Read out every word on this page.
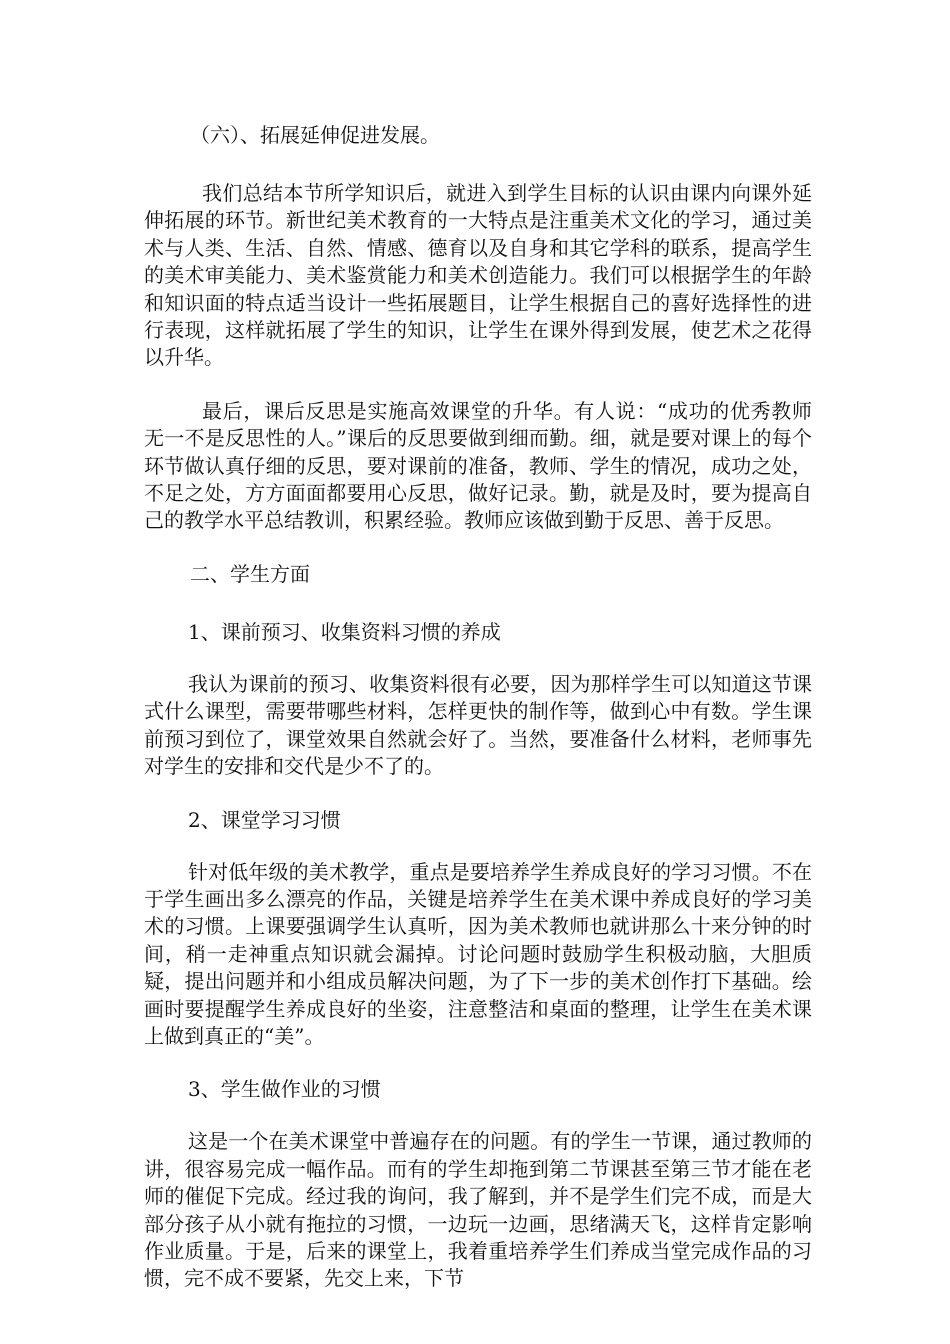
（六）、拓展延伸促进发展。

我们总结本节所学知识后，就进入到学生目标的认识由课内向课外延伸拓展的环节。新世纪美术教育的一大特点是注重美术文化的学习，通过美术与人类、生活、自然、情感、德育以及自身和其它学科的联系，提高学生的美术审美能力、美术鉴赏能力和美术创造能力。我们可以根据学生的年龄和知识面的特点适当设计一些拓展题目，让学生根据自己的喜好选择性的进行表现，这样就拓展了学生的知识，让学生在课外得到发展，使艺术之花得以升华。

最后，课后反思是实施高效课堂的升华。有人说：“成功的优秀教师无一不是反思性的人。”课后的反思要做到细而勤。细，就是要对课上的每个环节做认真仔细的反思，要对课前的准备，教师、学生的情况，成功之处，不足之处，方方面面都要用心反思，做好记录。勤，就是及时，要为提高自己的教学水平总结教训，积累经验。教师应该做到勤于反思、善于反思。

二、学生方面
1、课前预习、收集资料习惯的养成

我认为课前的预习、收集资料很有必要，因为那样学生可以知道这节课式什么课型，需要带哪些材料，怎样更快的制作等，做到心中有数。学生课前预习到位了，课堂效果自然就会好了。当然，要准备什么材料，老师事先对学生的安排和交代是少不了的。

2、课堂学习习惯

针对低年级的美术教学，重点是要培养学生养成良好的学习习惯。不在于学生画出多么漂亮的作品，关键是培养学生在美术课中养成良好的学习美术的习惯。上课要强调学生认真听，因为美术教师也就讲那么十来分钟的时间，稍一走神重点知识就会漏掉。讨论问题时鼓励学生积极动脑，大胆质疑，提出问题并和小组成员解决问题，为了下一步的美术创作打下基础。绘画时要提醒学生养成良好的坐姿，注意整洁和桌面的整理，让学生在美术课上做到真正的“美”。

3、学生做作业的习惯

这是一个在美术课堂中普遍存在的问题。有的学生一节课，通过教师的讲，很容易完成一幅作品。而有的学生却拖到第二节课甚至第三节才能在老师的催促下完成。经过我的询问，我了解到，并不是学生们完不成，而是大部分孩子从小就有拖拉的习惯，一边玩一边画，思绪满天飞，这样肯定影响作业质量。于是，后来的课堂上，我着重培养学生们养成当堂完成作品的习惯，完不成不要紧，先交上来，下节
